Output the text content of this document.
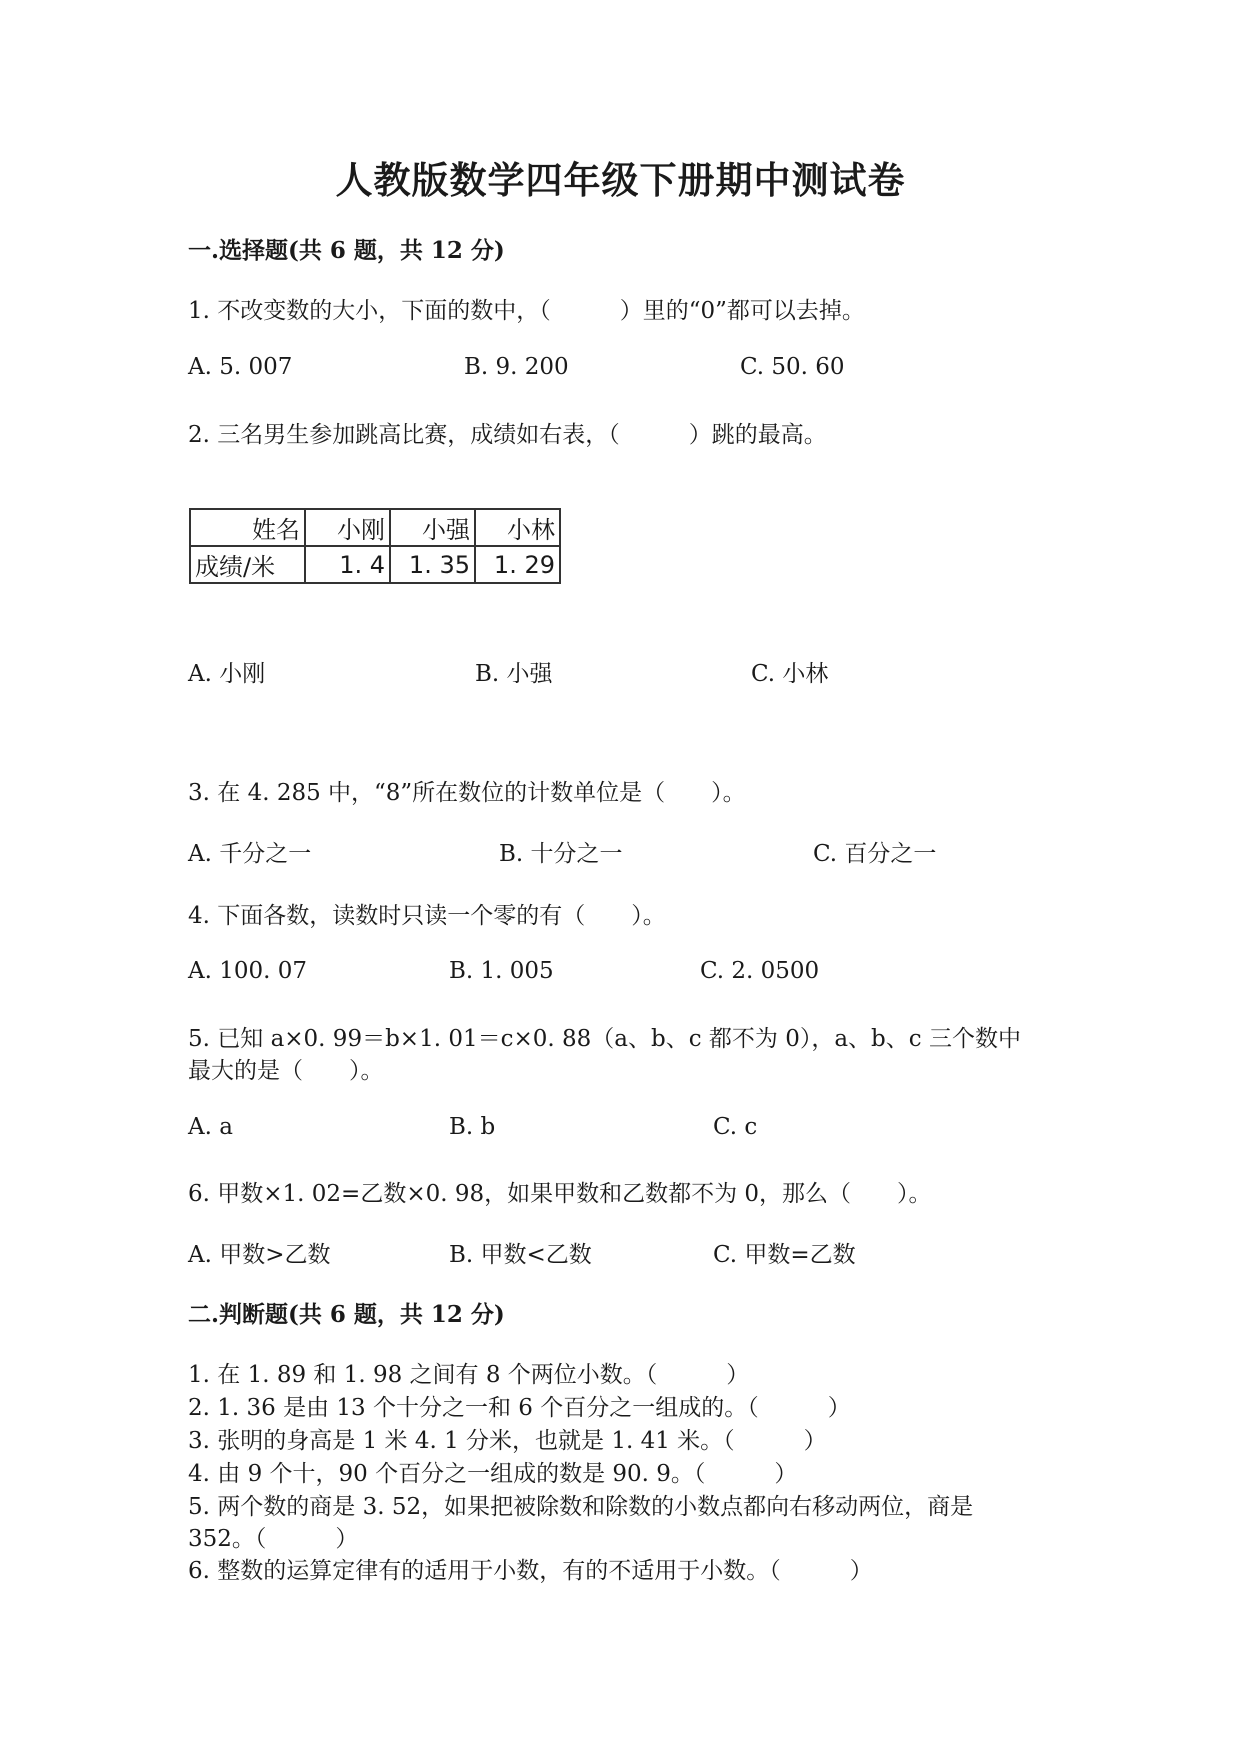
人教版数学四年级下册期中测试卷
一.选择题(共 6 题，共 12 分)
1. 不改变数的大小，下面的数中，（　　　）里的“0”都可以去掉。
A. 5. 007	B. 9. 200	C. 50. 60
2. 三名男生参加跳高比赛，成绩如右表，（　　　）跳的最高。
姓名	小刚	小强	小林
成绩/米	1. 4	1. 35	1. 29
A. 小刚	B. 小强	C. 小林
3. 在 4. 285 中，“8”所在数位的计数单位是（　　）。
A. 千分之一	B. 十分之一	C. 百分之一
4. 下面各数，读数时只读一个零的有（　　）。
A. 100. 07	B. 1. 005	C. 2. 0500
5. 已知 a×0. 99＝b×1. 01＝c×0. 88（a、b、c 都不为 0），a、b、c 三个数中
最大的是（　　）。
A. a	B. b	C. c
6. 甲数×1. 02=乙数×0. 98，如果甲数和乙数都不为 0，那么（　　）。
A. 甲数>乙数	B. 甲数<乙数	C. 甲数=乙数
二.判断题(共 6 题，共 12 分)
1. 在 1. 89 和 1. 98 之间有 8 个两位小数。（　　　）
2. 1. 36 是由 13 个十分之一和 6 个百分之一组成的。（　　　）
3. 张明的身高是 1 米 4. 1 分米，也就是 1. 41 米。（　　　）
4. 由 9 个十，90 个百分之一组成的数是 90. 9。（　　　）
5. 两个数的商是 3. 52，如果把被除数和除数的小数点都向右移动两位，商是
352。（　　　）
6. 整数的运算定律有的适用于小数，有的不适用于小数。（　　　）
